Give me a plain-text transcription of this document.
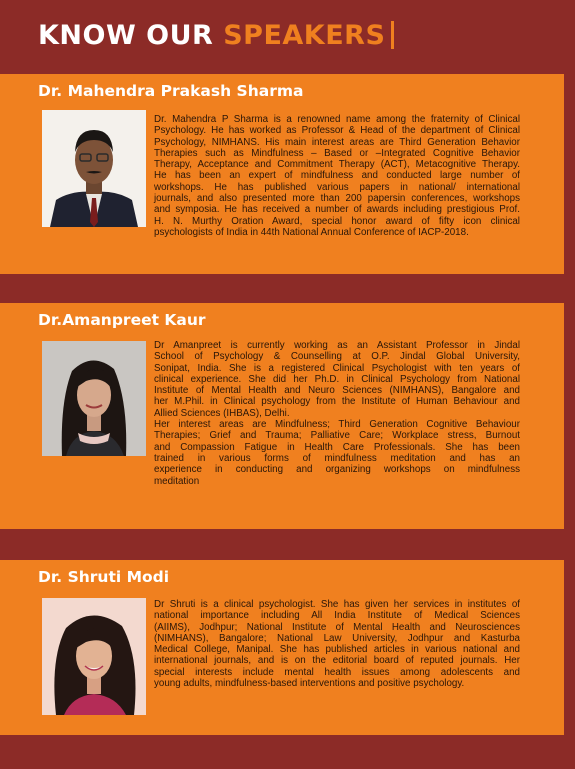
KNOW OUR SPEAKERS
Dr. Mahendra Prakash Sharma
Dr. Mahendra P Sharma is a renowned name among the fraternity of Clinical
Psychology. He has worked as Professor & Head of the department of Clinical
Psychology, NIMHANS. His main interest areas are Third Generation Behavior
Therapies such as Mindfulness – Based or –Integrated Cognitive Behavior
Therapy, Acceptance and Commitment Therapy (ACT), Metacognitive Therapy.
He has been an expert of mindfulness and conducted large number of
workshops. He has published various papers in national/ international
journals, and also presented more than 200 papersin conferences, workshops
and symposia. He has received a number of awards including prestigious Prof.
H. N. Murthy Oration Award, special honor award of fifty icon clinical
psychologists of India in 44th National Annual Conference of IACP-2018.
Dr.Amanpreet Kaur
Dr Amanpreet is currently working as an Assistant Professor in Jindal
School of Psychology & Counselling at O.P. Jindal Global University,
Sonipat, India. She is a registered Clinical Psychologist with ten years of
clinical experience. She did her Ph.D. in Clinical Psychology from National
Institute of Mental Health and Neuro Sciences (NIMHANS), Bangalore and
her M.Phil. in Clinical psychology from the Institute of Human Behaviour and
Allied Sciences (IHBAS), Delhi.
Her interest areas are Mindfulness; Third Generation Cognitive Behaviour
Therapies; Grief and Trauma; Palliative Care; Workplace stress, Burnout
and Compassion Fatigue in Health Care Professionals. She has been
trained in various forms of mindfulness meditation and has an
experience in conducting and organizing workshops on mindfulness
meditation
Dr. Shruti Modi
Dr Shruti is a clinical psychologist. She has given her services in institutes of
national importance including All India Institute of Medical Sciences
(AIIMS), Jodhpur; National Institute of Mental Health and Neurosciences
(NIMHANS), Bangalore; National Law University, Jodhpur and Kasturba
Medical College, Manipal. She has published articles in various national and
international journals, and is on the editorial board of reputed journals. Her
special interests include mental health issues among adolescents and
young adults, mindfulness-based interventions and positive psychology.
